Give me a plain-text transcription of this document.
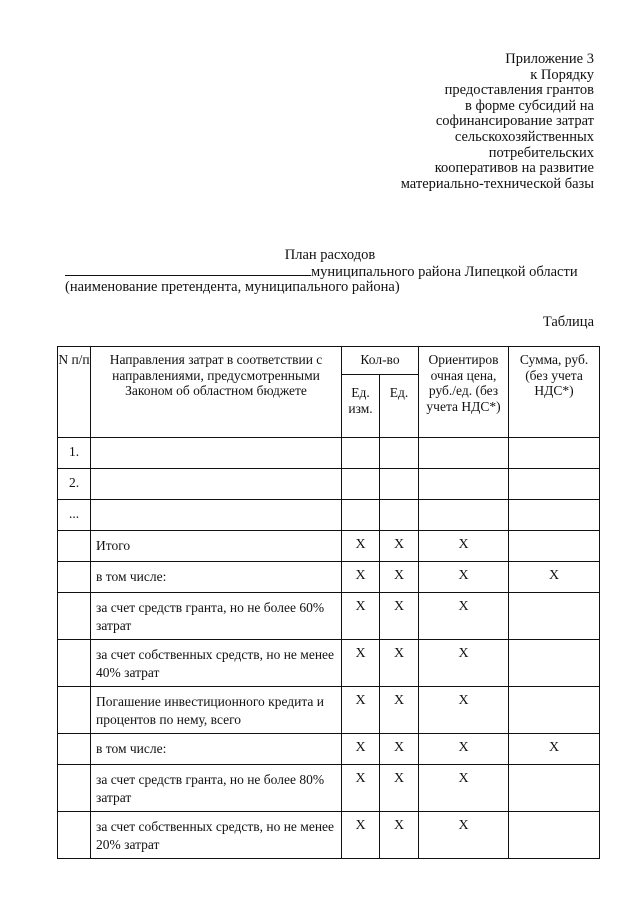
Приложение 3
к Порядку
предоставления грантов
в форме субсидий на
софинансирование затрат
сельскохозяйственных
потребительских
кооперативов на развитие
материально-технической базы
План расходов
муниципального района Липецкой области
(наименование претендента, муниципального района)
Таблица
N п/п	Направления затрат в соответствии с направлениями, предусмотренными Законом об областном бюджете	Кол-во		Ориентиров очная цена, руб./ед. (без учета НДС*)	Сумма, руб. (без учета НДС*)
		Ед. изм.	Ед.		
1.					
2.					
...					
	Итого	X	X	X	
	в том числе:	X	X	X	X
	за счет средств гранта, но не более 60% затрат	X	X	X	
	за счет собственных средств, но не менее 40% затрат	X	X	X	
	Погашение инвестиционного кредита и процентов по нему, всего	X	X	X	
	в том числе:	X	X	X	X
	за счет средств гранта, но не более 80% затрат	X	X	X	
	за счет собственных средств, но не менее 20% затрат	X	X	X	
